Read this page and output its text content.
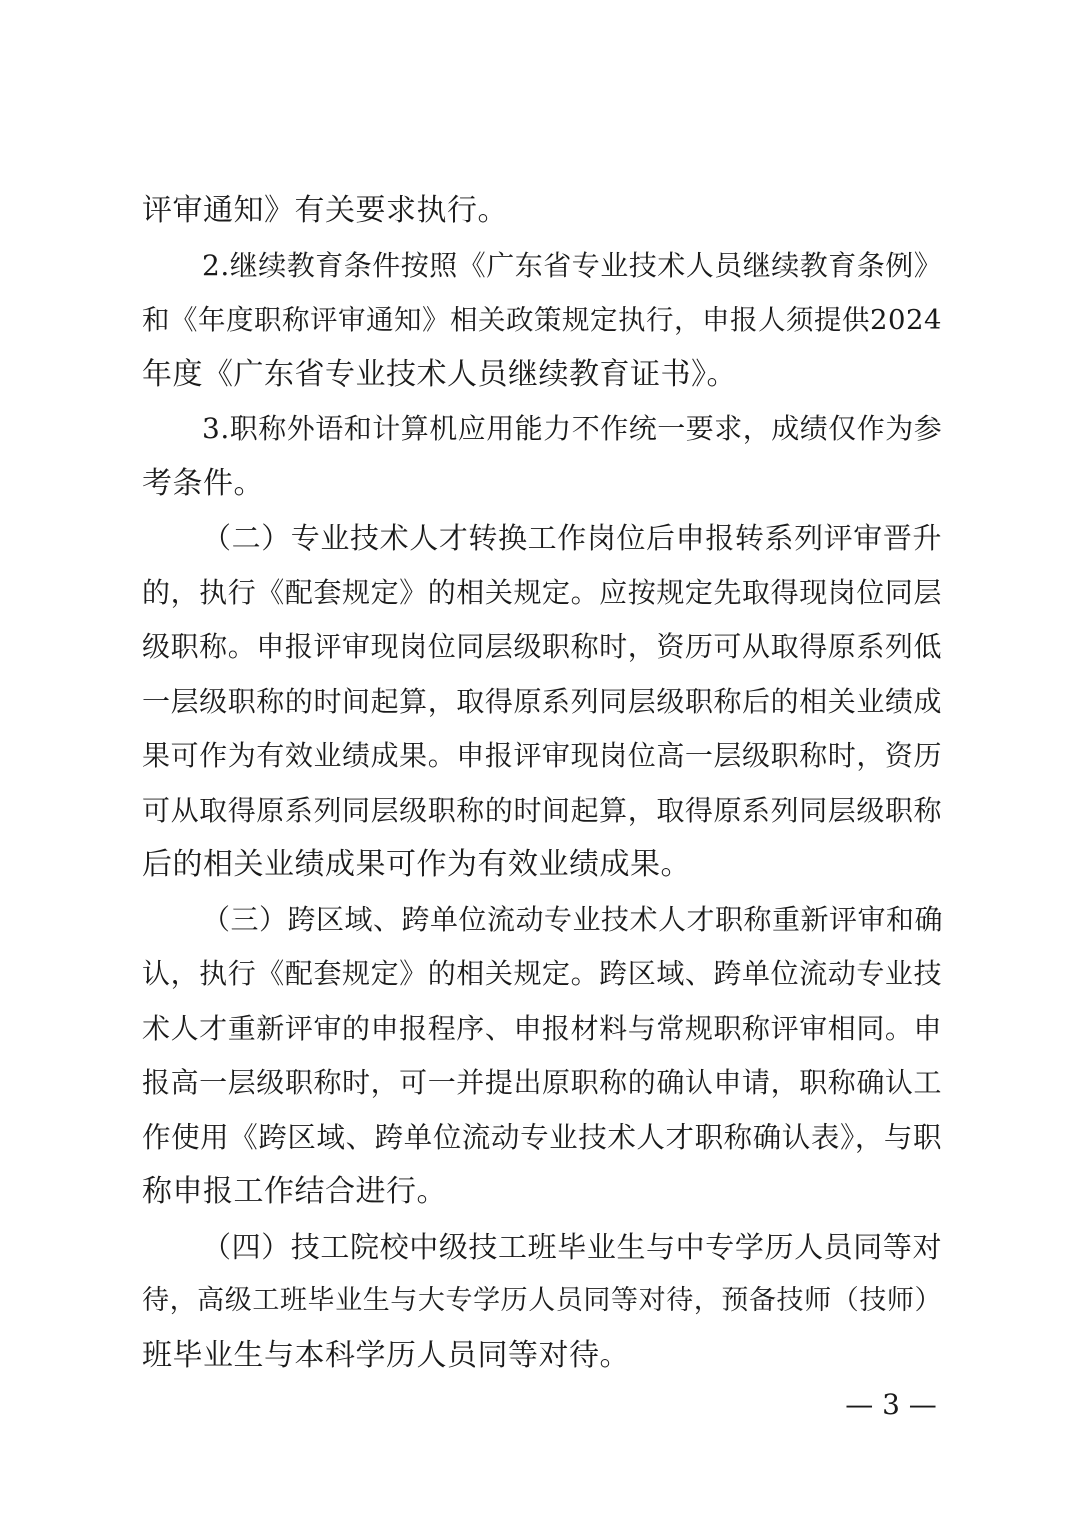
评审通知》有关要求执行。
2.继续教育条件按照《广东省专业技术人员继续教育条例》
和《年度职称评审通知》相关政策规定执行，申报人须提供2024
年度《广东省专业技术人员继续教育证书》。
3.职称外语和计算机应用能力不作统一要求，成绩仅作为参
考条件。
（二）专业技术人才转换工作岗位后申报转系列评审晋升
的，执行《配套规定》的相关规定。应按规定先取得现岗位同层
级职称。申报评审现岗位同层级职称时，资历可从取得原系列低
一层级职称的时间起算，取得原系列同层级职称后的相关业绩成
果可作为有效业绩成果。申报评审现岗位高一层级职称时，资历
可从取得原系列同层级职称的时间起算，取得原系列同层级职称
后的相关业绩成果可作为有效业绩成果。
（三）跨区域、跨单位流动专业技术人才职称重新评审和确
认，执行《配套规定》的相关规定。跨区域、跨单位流动专业技
术人才重新评审的申报程序、申报材料与常规职称评审相同。申
报高一层级职称时，可一并提出原职称的确认申请，职称确认工
作使用《跨区域、跨单位流动专业技术人才职称确认表》，与职
称申报工作结合进行。
（四）技工院校中级技工班毕业生与中专学历人员同等对
待，高级工班毕业生与大专学历人员同等对待，预备技师（技师）
班毕业生与本科学历人员同等对待。
— 3 —
